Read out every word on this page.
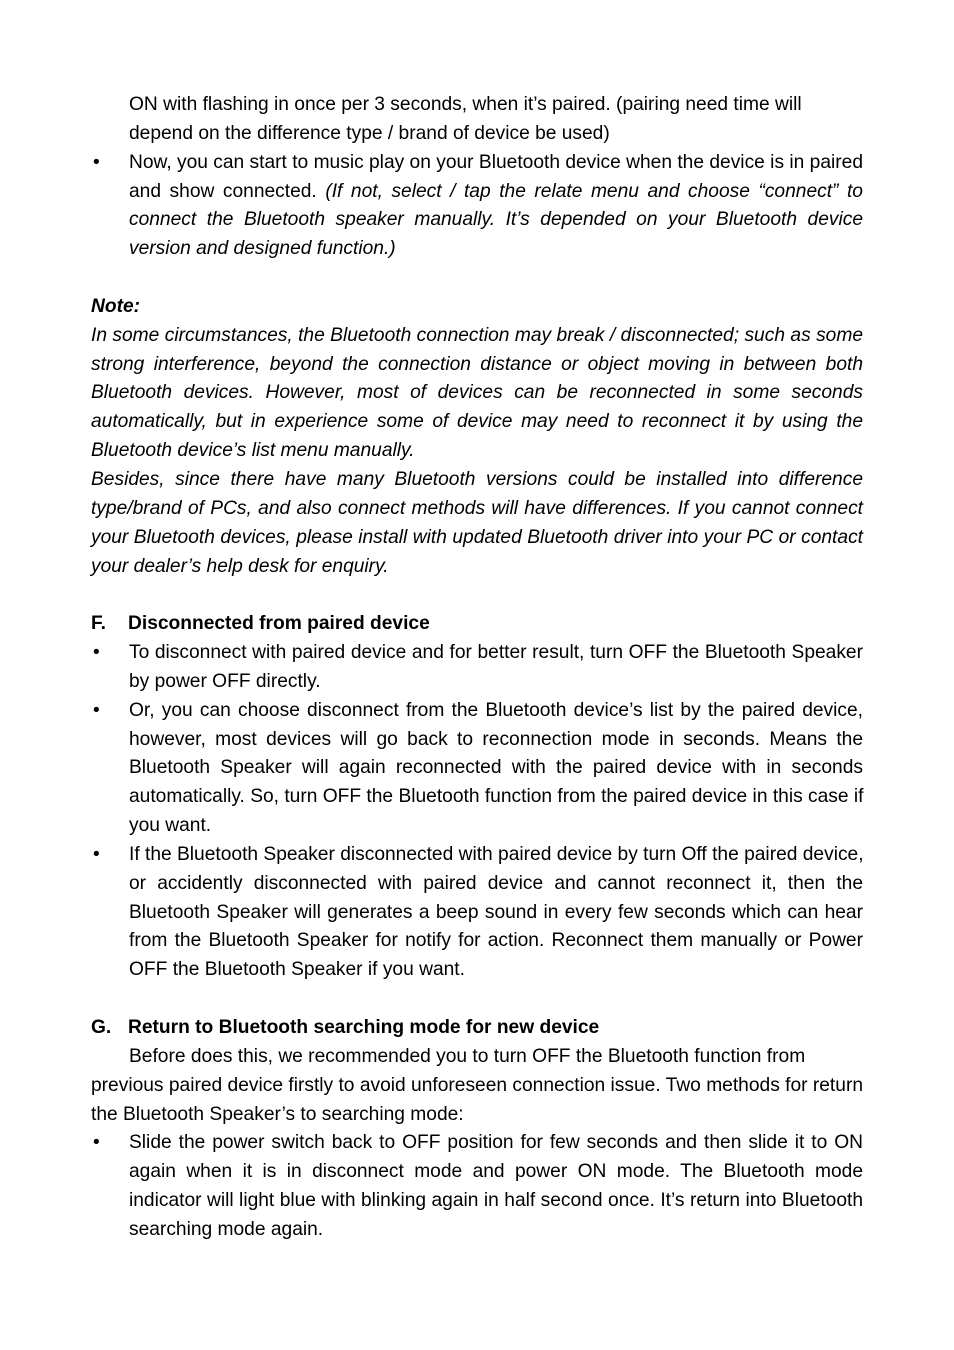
ON with flashing in once per 3 seconds, when it’s paired. (pairing need time will
depend on the difference type / brand of device be used)
• Now, you can start to music play on your Bluetooth device when the device is in paired
and show connected. (If not, select / tap the relate menu and choose “connect” to
connect the Bluetooth speaker manually. It’s depended on your Bluetooth device
version and designed function.)
Note:
In some circumstances, the Bluetooth connection may break / disconnected; such as some
strong interference, beyond the connection distance or object moving in between both
Bluetooth devices. However, most of devices can be reconnected in some seconds
automatically, but in experience some of device may need to reconnect it by using the
Bluetooth device’s list menu manually.
Besides, since there have many Bluetooth versions could be installed into difference
type/brand of PCs, and also connect methods will have differences. If you cannot connect
your Bluetooth devices, please install with updated Bluetooth driver into your PC or contact
your dealer’s help desk for enquiry.
F. Disconnected from paired device
• To disconnect with paired device and for better result, turn OFF the Bluetooth Speaker
by power OFF directly.
• Or, you can choose disconnect from the Bluetooth device’s list by the paired device,
however, most devices will go back to reconnection mode in seconds. Means the
Bluetooth Speaker will again reconnected with the paired device with in seconds
automatically. So, turn OFF the Bluetooth function from the paired device in this case if
you want.
• If the Bluetooth Speaker disconnected with paired device by turn Off the paired device,
or accidently disconnected with paired device and cannot reconnect it, then the
Bluetooth Speaker will generates a beep sound in every few seconds which can hear
from the Bluetooth Speaker for notify for action. Reconnect them manually or Power
OFF the Bluetooth Speaker if you want.
G. Return to Bluetooth searching mode for new device
Before does this, we recommended you to turn OFF the Bluetooth function from
previous paired device firstly to avoid unforeseen connection issue. Two methods for return
the Bluetooth Speaker’s to searching mode:
• Slide the power switch back to OFF position for few seconds and then slide it to ON
again when it is in disconnect mode and power ON mode. The Bluetooth mode
indicator will light blue with blinking again in half second once. It’s return into Bluetooth
searching mode again.
